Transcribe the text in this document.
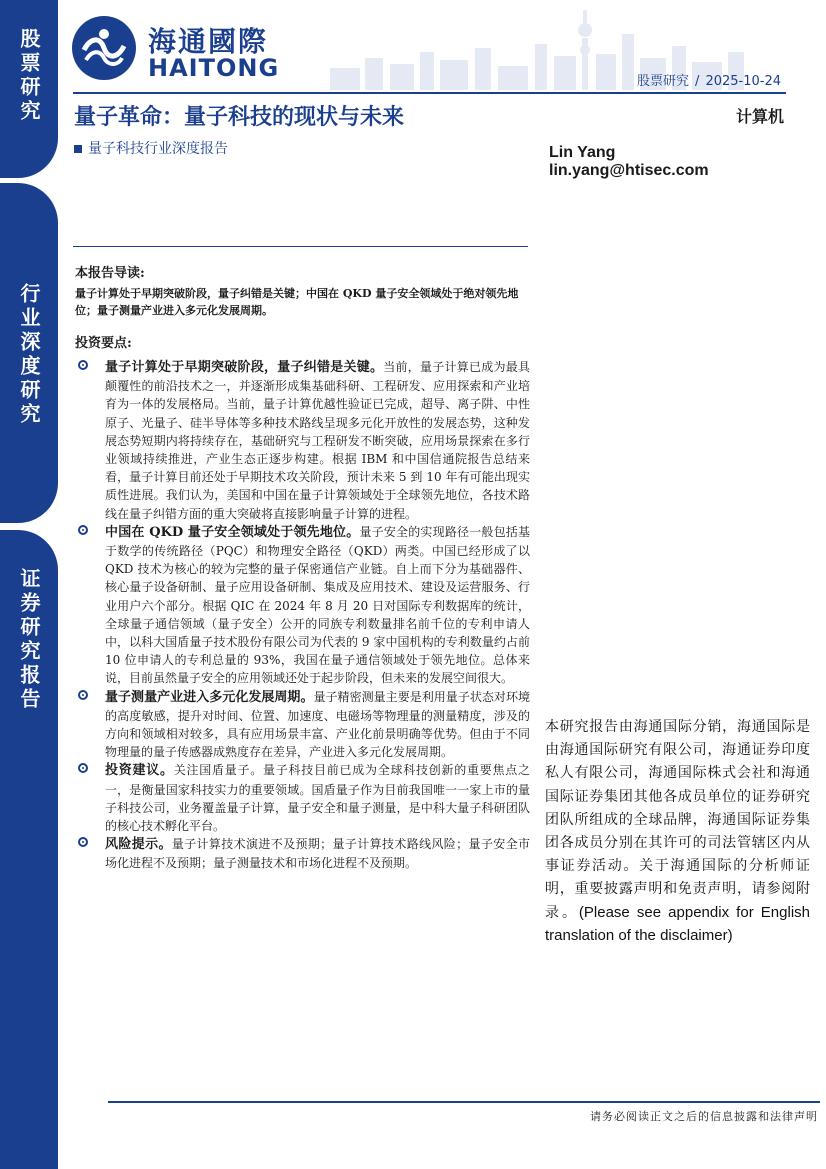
股票研究
行业深度研究
证券研究报告
海通國際
HAITONG	股票研究 / 2025-10-24
量子革命：量子科技的现状与未来	计算机
量子科技行业深度报告	Lin Yang
lin.yang@htisec.com
本报告导读:
量子计算处于早期突破阶段，量子纠错是关键；中国在 QKD 量子安全领域处于绝对领先地位；量子测量产业进入多元化发展周期。
投资要点:
量子计算处于早期突破阶段，量子纠错是关键。当前，量子计算已成为最具颠覆性的前沿技术之一，并逐渐形成集基础科研、工程研发、应用探索和产业培育为一体的发展格局。当前，量子计算优越性验证已完成，超导、离子阱、中性原子、光量子、硅半导体等多种技术路线呈现多元化开放性的发展态势，这种发展态势短期内将持续存在，基础研究与工程研发不断突破，应用场景探索在多行业领域持续推进，产业生态正逐步构建。根据 IBM 和中国信通院报告总结来看，量子计算目前还处于早期技术攻关阶段，预计未来 5 到 10 年有可能出现实质性进展。我们认为，美国和中国在量子计算领域处于全球领先地位，各技术路线在量子纠错方面的重大突破将直接影响量子计算的进程。
中国在 QKD 量子安全领域处于领先地位。量子安全的实现路径一般包括基于数学的传统路径（PQC）和物理安全路径（QKD）两类。中国已经形成了以 QKD 技术为核心的较为完整的量子保密通信产业链。自上而下分为基础器件、核心量子设备研制、量子应用设备研制、集成及应用技术、建设及运营服务、行业用户六个部分。根据 QIC 在 2024 年 8 月 20 日对国际专利数据库的统计，全球量子通信领域（量子安全）公开的同族专利数量排名前千位的专利申请人中，以科大国盾量子技术股份有限公司为代表的 9 家中国机构的专利数量约占前 10 位申请人的专利总量的 93%，我国在量子通信领域处于领先地位。总体来说，目前虽然量子安全的应用领域还处于起步阶段，但未来的发展空间很大。
量子测量产业进入多元化发展周期。量子精密测量主要是利用量子状态对环境的高度敏感，提升对时间、位置、加速度、电磁场等物理量的测量精度，涉及的方向和领域相对较多，具有应用场景丰富、产业化前景明确等优势。但由于不同物理量的量子传感器成熟度存在差异，产业进入多元化发展周期。
投资建议。关注国盾量子。量子科技目前已成为全球科技创新的重要焦点之一，是衡量国家科技实力的重要领域。国盾量子作为目前我国唯一一家上市的量子科技公司，业务覆盖量子计算，量子安全和量子测量，是中科大量子科研团队的核心技术孵化平台。
风险提示。量子计算技术演进不及预期；量子计算技术路线风险；量子安全市场化进程不及预期；量子测量技术和市场化进程不及预期。
本研究报告由海通国际分销，海通国际是由海通国际研究有限公司，海通证券印度私人有限公司，海通国际株式会社和海通国际证券集团其他各成员单位的证券研究团队所组成的全球品牌，海通国际证券集团各成员分别在其许可的司法管辖区内从事证券活动。关于海通国际的分析师证明，重要披露声明和免责声明，请参阅附录。(Please see appendix for English translation of the disclaimer)
请务必阅读正文之后的信息披露和法律声明
